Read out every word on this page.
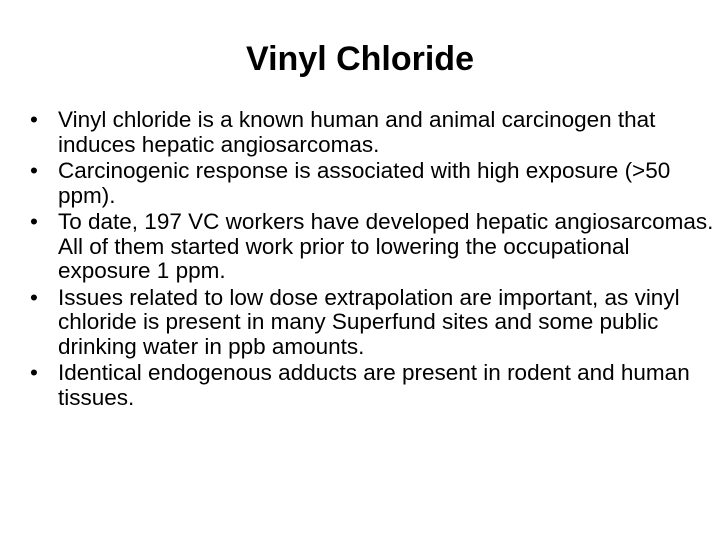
Vinyl Chloride
• Vinyl chloride is a known human and animal carcinogen that induces hepatic angiosarcomas.
• Carcinogenic response is associated with high exposure (>50 ppm).
• To date, 197 VC workers have developed hepatic angiosarcomas. All of them started work prior to lowering the occupational exposure 1 ppm.
• Issues related to low dose extrapolation are important, as vinyl chloride is present in many Superfund sites and some public drinking water in ppb amounts.
• Identical endogenous adducts are present in rodent and human tissues.
